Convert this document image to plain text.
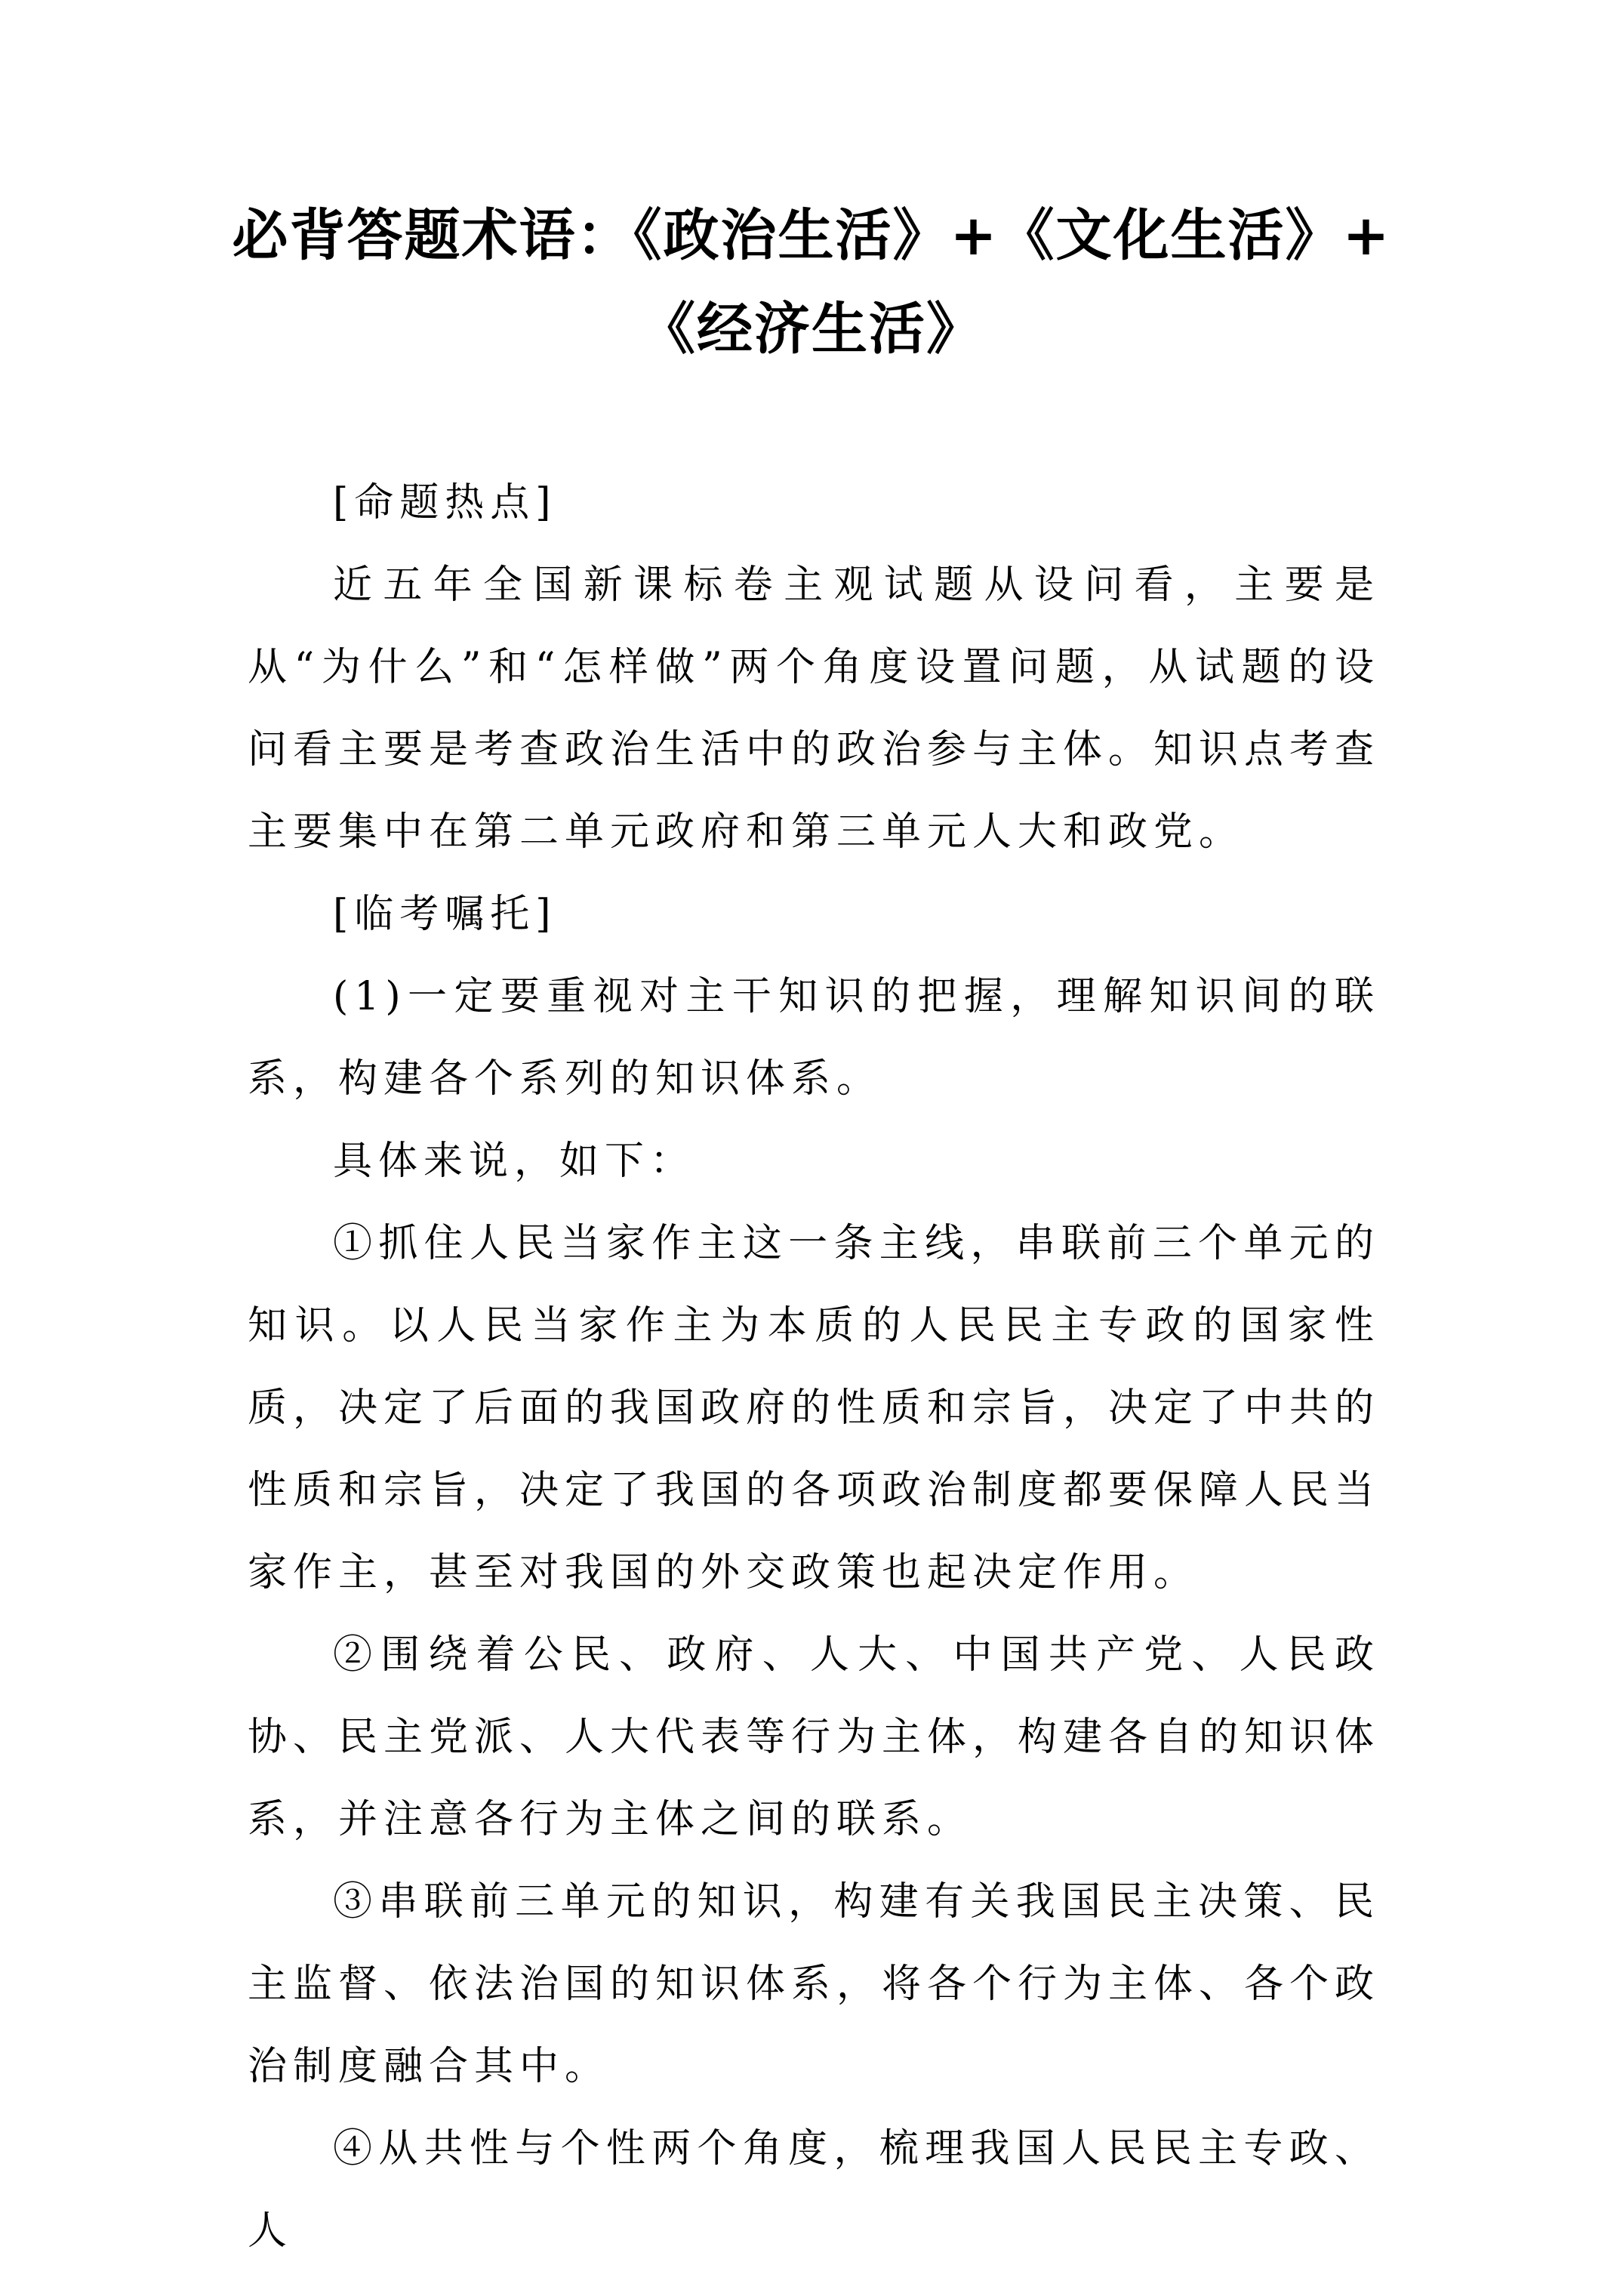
必背答题术语：《政治生活》+《文化生活》+
《经济生活》

[命题热点]

近五年全国新课标卷主观试题从设问看，主要是从“为什么”和“怎样做”两个角度设置问题，从试题的设问看主要是考查政治生活中的政治参与主体。知识点考查主要集中在第二单元政府和第三单元人大和政党。

[临考嘱托]

(1)一定要重视对主干知识的把握，理解知识间的联系，构建各个系列的知识体系。

具体来说，如下：

①抓住人民当家作主这一条主线，串联前三个单元的知识。以人民当家作主为本质的人民民主专政的国家性质，决定了后面的我国政府的性质和宗旨，决定了中共的性质和宗旨，决定了我国的各项政治制度都要保障人民当家作主，甚至对我国的外交政策也起决定作用。

②围绕着公民、政府、人大、中国共产党、人民政协、民主党派、人大代表等行为主体，构建各自的知识体系，并注意各行为主体之间的联系。

③串联前三单元的知识，构建有关我国民主决策、民主监督、依法治国的知识体系，将各个行为主体、各个政治制度融合其中。

④从共性与个性两个角度，梳理我国人民民主专政、人
